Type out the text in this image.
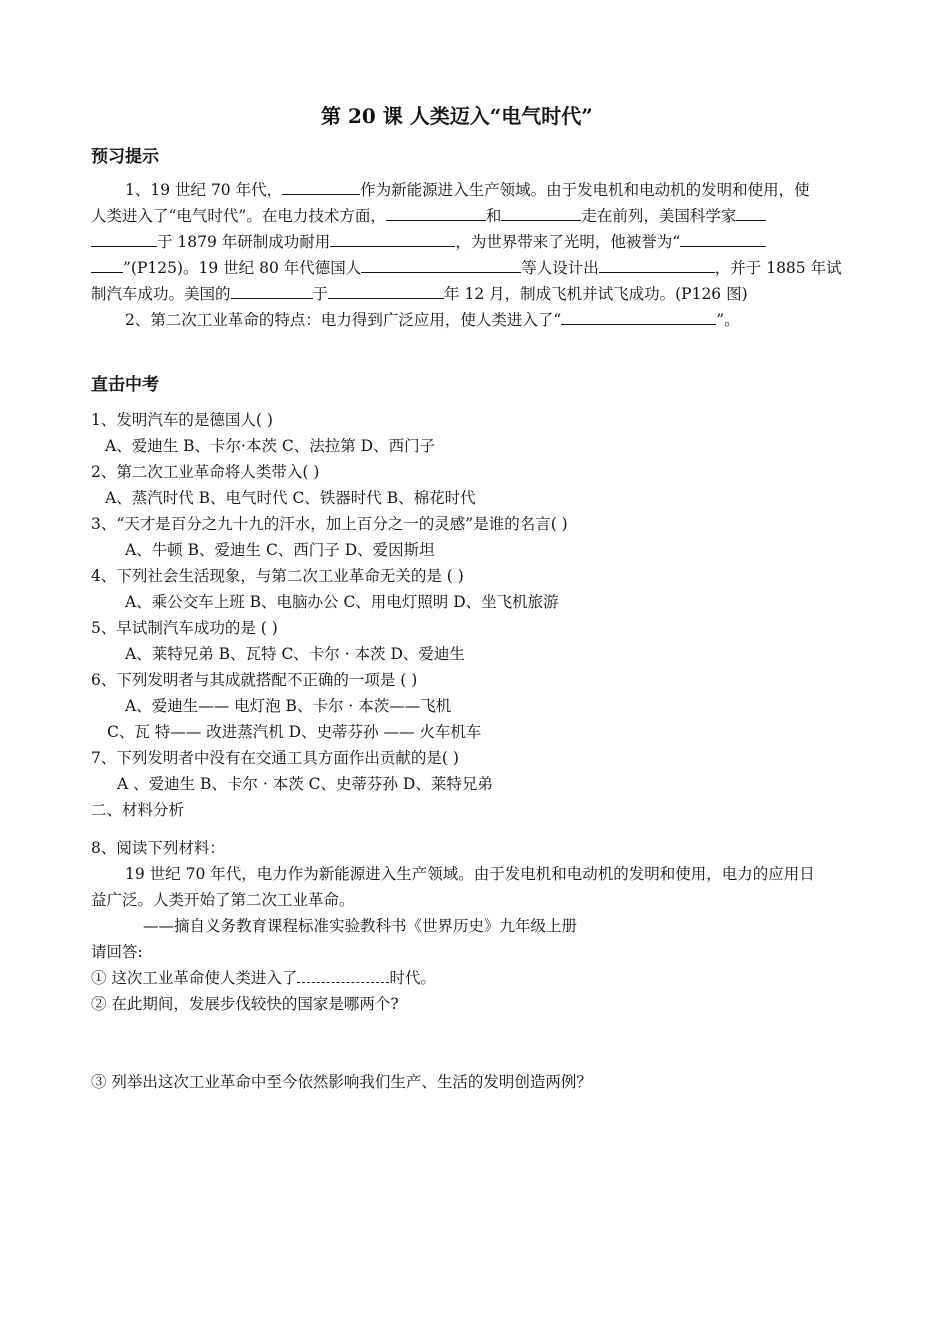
第 20 课 人类迈入“电气时代”
预习提示
1、19 世纪 70 年代，	作为新能源进入生产领域。由于发电机和电动机的发明和使用，使
人类进入了“电气时代”。在电力技术方面，	和	走在前列，美国科学家
于 1879 年研制成功耐用	，为世界带来了光明，他被誉为“
”(P125)。19 世纪 80 年代德国人	等人设计出	，并于 1885 年试
制汽车成功。美国的	于	年 12 月，制成飞机并试飞成功。(P126 图)
2、第二次工业革命的特点：电力得到广泛应用，使人类进入了“	”。
直击中考
1、发明汽车的是德国人( )
A、爱迪生 B、卡尔·本茨 C、法拉第 D、西门子
2、第二次工业革命将人类带入( )
A、蒸汽时代 B、电气时代 C、铁器时代 B、棉花时代
3、“天才是百分之九十九的汗水，加上百分之一的灵感”是谁的名言( )
A、牛顿 B、爱迪生 C、西门子 D、爱因斯坦
4、下列社会生活现象，与第二次工业革命无关的是 ( )
A、乘公交车上班 B、电脑办公 C、用电灯照明 D、坐飞机旅游
5、早试制汽车成功的是 ( )
A、莱特兄弟 B、瓦特 C、卡尔 · 本茨 D、爱迪生
6、下列发明者与其成就搭配不正确的一项是 ( )
A、爱迪生—— 电灯泡 B、卡尔 · 本茨——飞机
C、瓦 特—— 改进蒸汽机 D、史蒂芬孙 —— 火车机车
7、下列发明者中没有在交通工具方面作出贡献的是( )
A 、爱迪生 B、卡尔 · 本茨 C、史蒂芬孙 D、莱特兄弟
二、材料分析
8、阅读下列材料：
19 世纪 70 年代，电力作为新能源进入生产领域。由于发电机和电动机的发明和使用，电力的应用日
益广泛。人类开始了第二次工业革命。
——摘自义务教育课程标准实验教科书《世界历史》九年级上册
请回答:
① 这次工业革命使人类进入了	时代。
② 在此期间，发展步伐较快的国家是哪两个?
③ 列举出这次工业革命中至今依然影响我们生产、生活的发明创造两例？
